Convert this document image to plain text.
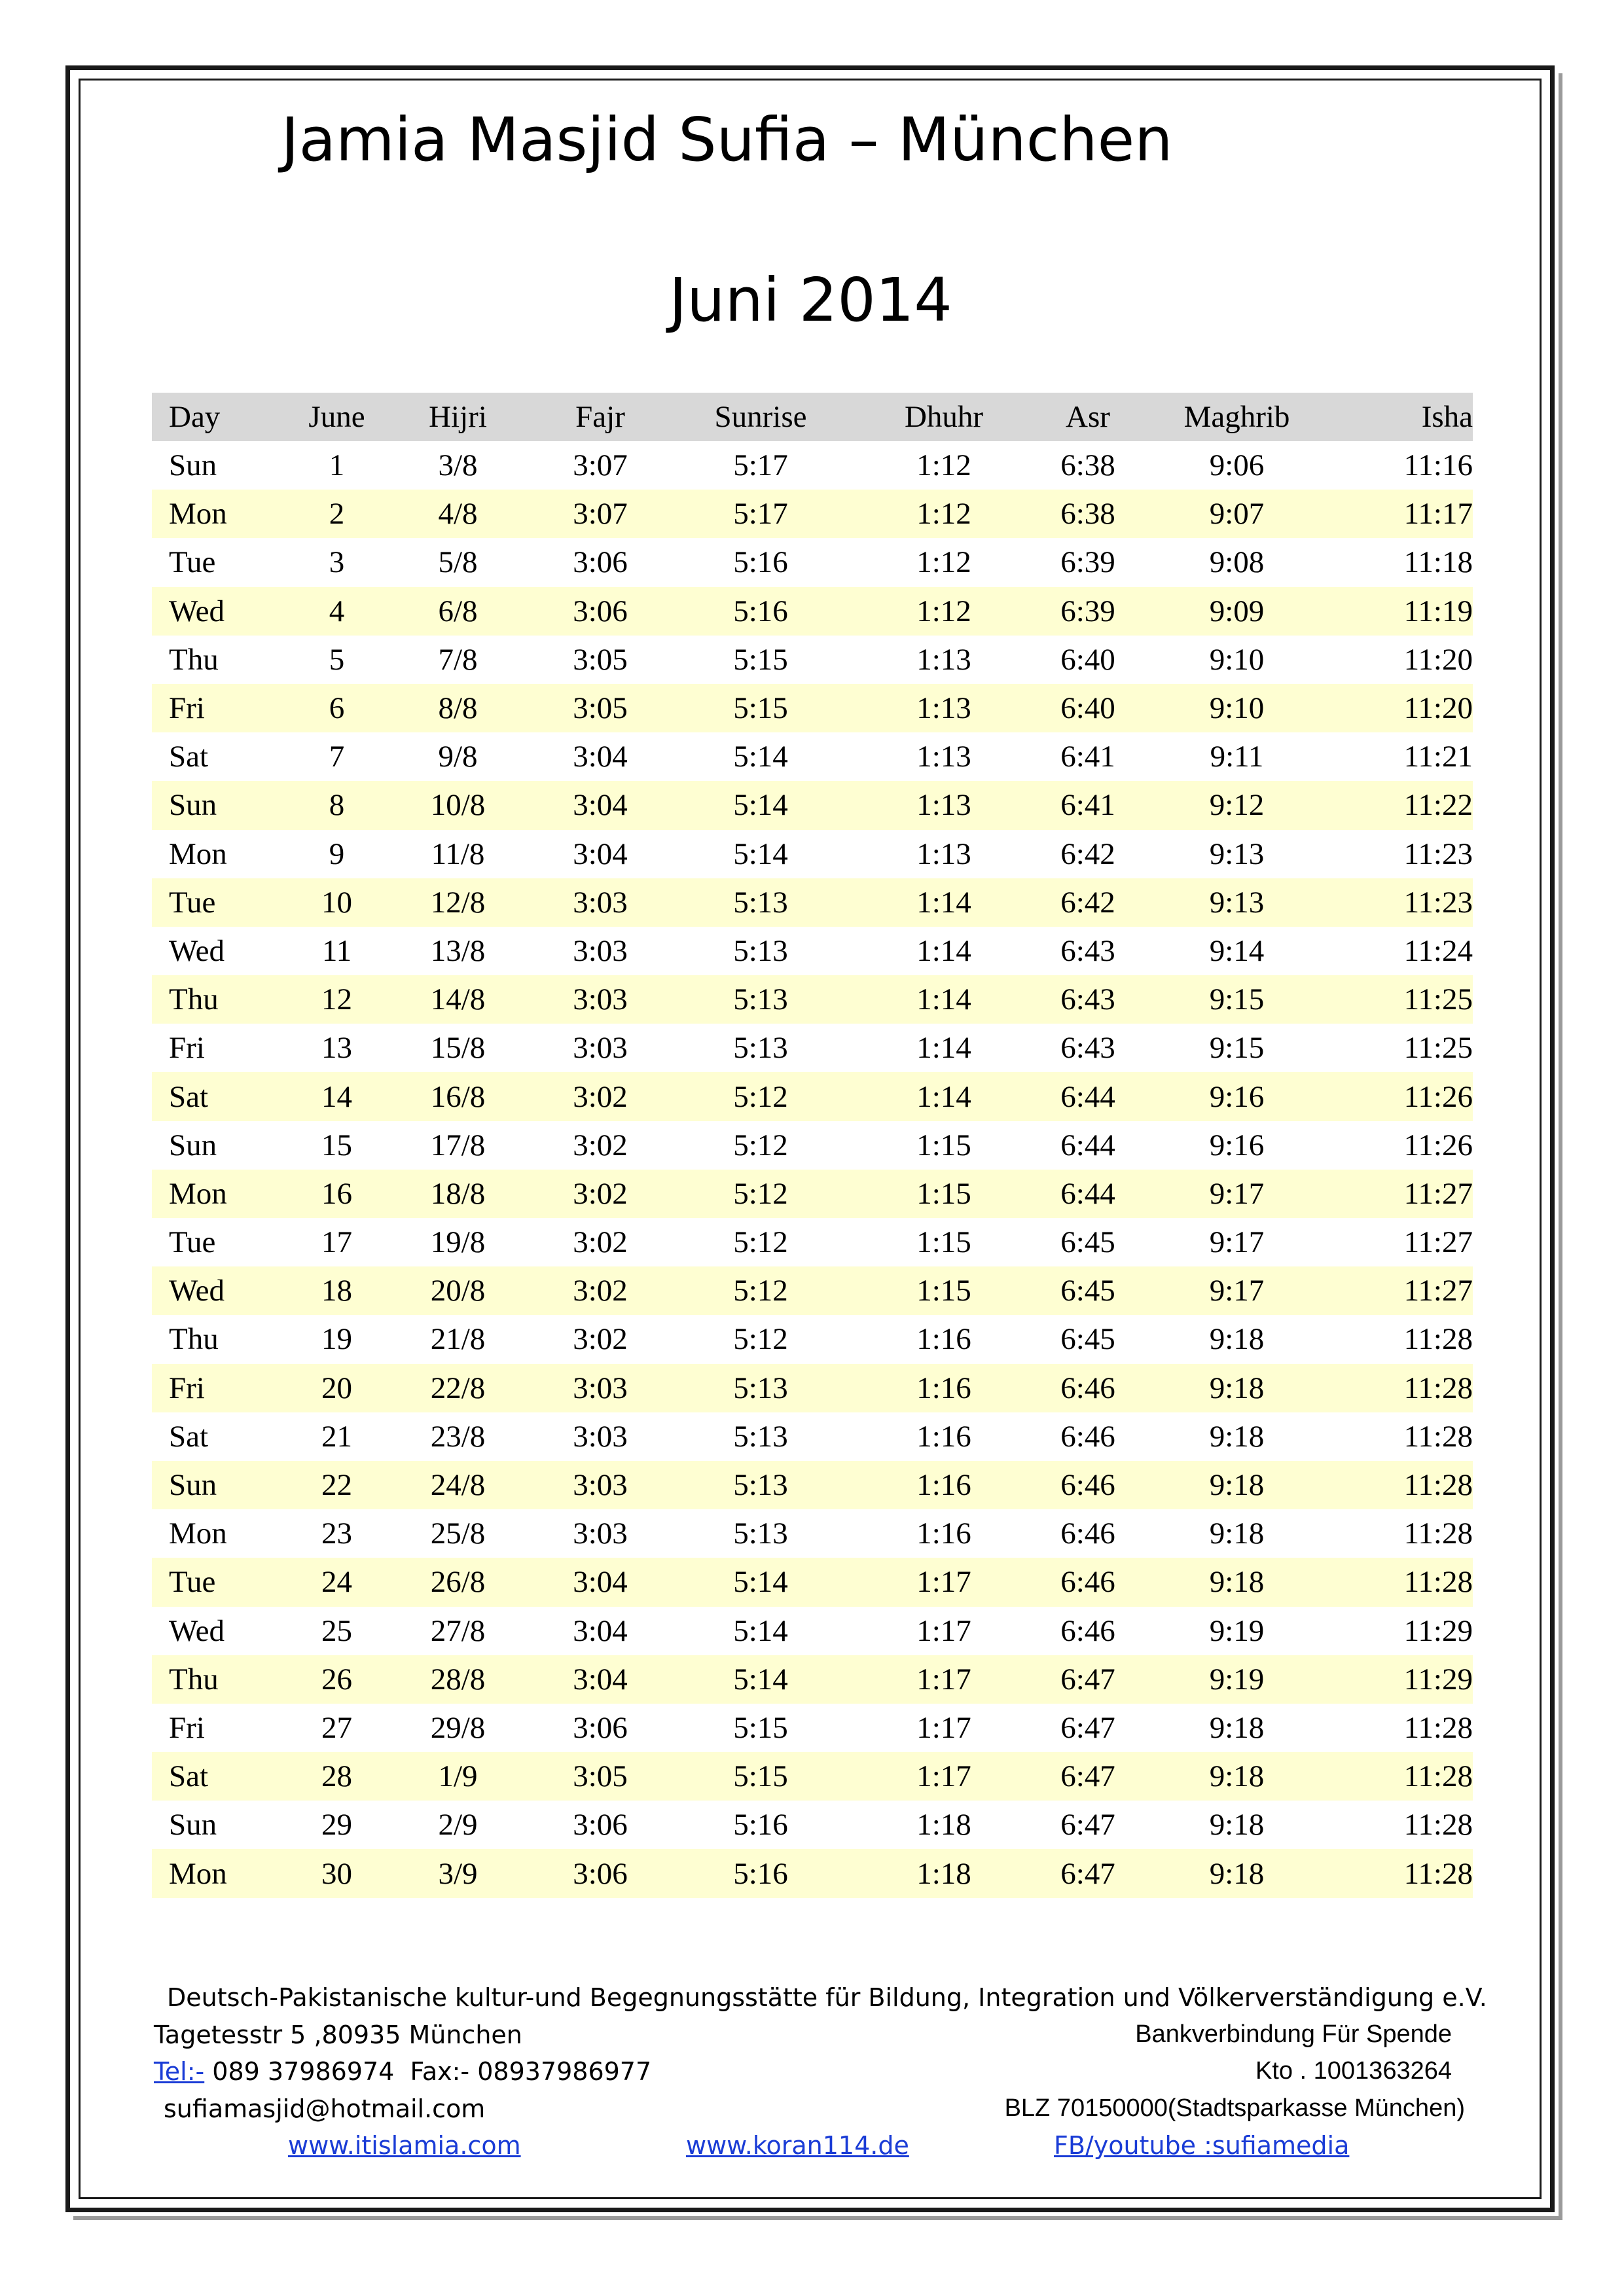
Jamia Masjid Sufia – München
Juni 2014
Day	June	Hijri	Fajr	Sunrise	Dhuhr	Asr	Maghrib	Isha
Sun	1	3/8	3:07	5:17	1:12	6:38	9:06	11:16
Mon	2	4/8	3:07	5:17	1:12	6:38	9:07	11:17
Tue	3	5/8	3:06	5:16	1:12	6:39	9:08	11:18
Wed	4	6/8	3:06	5:16	1:12	6:39	9:09	11:19
Thu	5	7/8	3:05	5:15	1:13	6:40	9:10	11:20
Fri	6	8/8	3:05	5:15	1:13	6:40	9:10	11:20
Sat	7	9/8	3:04	5:14	1:13	6:41	9:11	11:21
Sun	8	10/8	3:04	5:14	1:13	6:41	9:12	11:22
Mon	9	11/8	3:04	5:14	1:13	6:42	9:13	11:23
Tue	10	12/8	3:03	5:13	1:14	6:42	9:13	11:23
Wed	11	13/8	3:03	5:13	1:14	6:43	9:14	11:24
Thu	12	14/8	3:03	5:13	1:14	6:43	9:15	11:25
Fri	13	15/8	3:03	5:13	1:14	6:43	9:15	11:25
Sat	14	16/8	3:02	5:12	1:14	6:44	9:16	11:26
Sun	15	17/8	3:02	5:12	1:15	6:44	9:16	11:26
Mon	16	18/8	3:02	5:12	1:15	6:44	9:17	11:27
Tue	17	19/8	3:02	5:12	1:15	6:45	9:17	11:27
Wed	18	20/8	3:02	5:12	1:15	6:45	9:17	11:27
Thu	19	21/8	3:02	5:12	1:16	6:45	9:18	11:28
Fri	20	22/8	3:03	5:13	1:16	6:46	9:18	11:28
Sat	21	23/8	3:03	5:13	1:16	6:46	9:18	11:28
Sun	22	24/8	3:03	5:13	1:16	6:46	9:18	11:28
Mon	23	25/8	3:03	5:13	1:16	6:46	9:18	11:28
Tue	24	26/8	3:04	5:14	1:17	6:46	9:18	11:28
Wed	25	27/8	3:04	5:14	1:17	6:46	9:19	11:29
Thu	26	28/8	3:04	5:14	1:17	6:47	9:19	11:29
Fri	27	29/8	3:06	5:15	1:17	6:47	9:18	11:28
Sat	28	1/9	3:05	5:15	1:17	6:47	9:18	11:28
Sun	29	2/9	3:06	5:16	1:18	6:47	9:18	11:28
Mon	30	3/9	3:06	5:16	1:18	6:47	9:18	11:28
Deutsch-Pakistanische kultur-und Begegnungsstätte für Bildung, Integration und Völkerverständigung e.V.
Tagetesstr 5 ,80935 München
Tel:- 089 37986974  Fax:- 08937986977
sufiamasjid@hotmail.com
Bankverbindung Für Spende
Kto . 1001363264
BLZ 70150000(Stadtsparkasse München)
www.itislamia.com	www.koran114.de	FB/youtube :sufiamedia
